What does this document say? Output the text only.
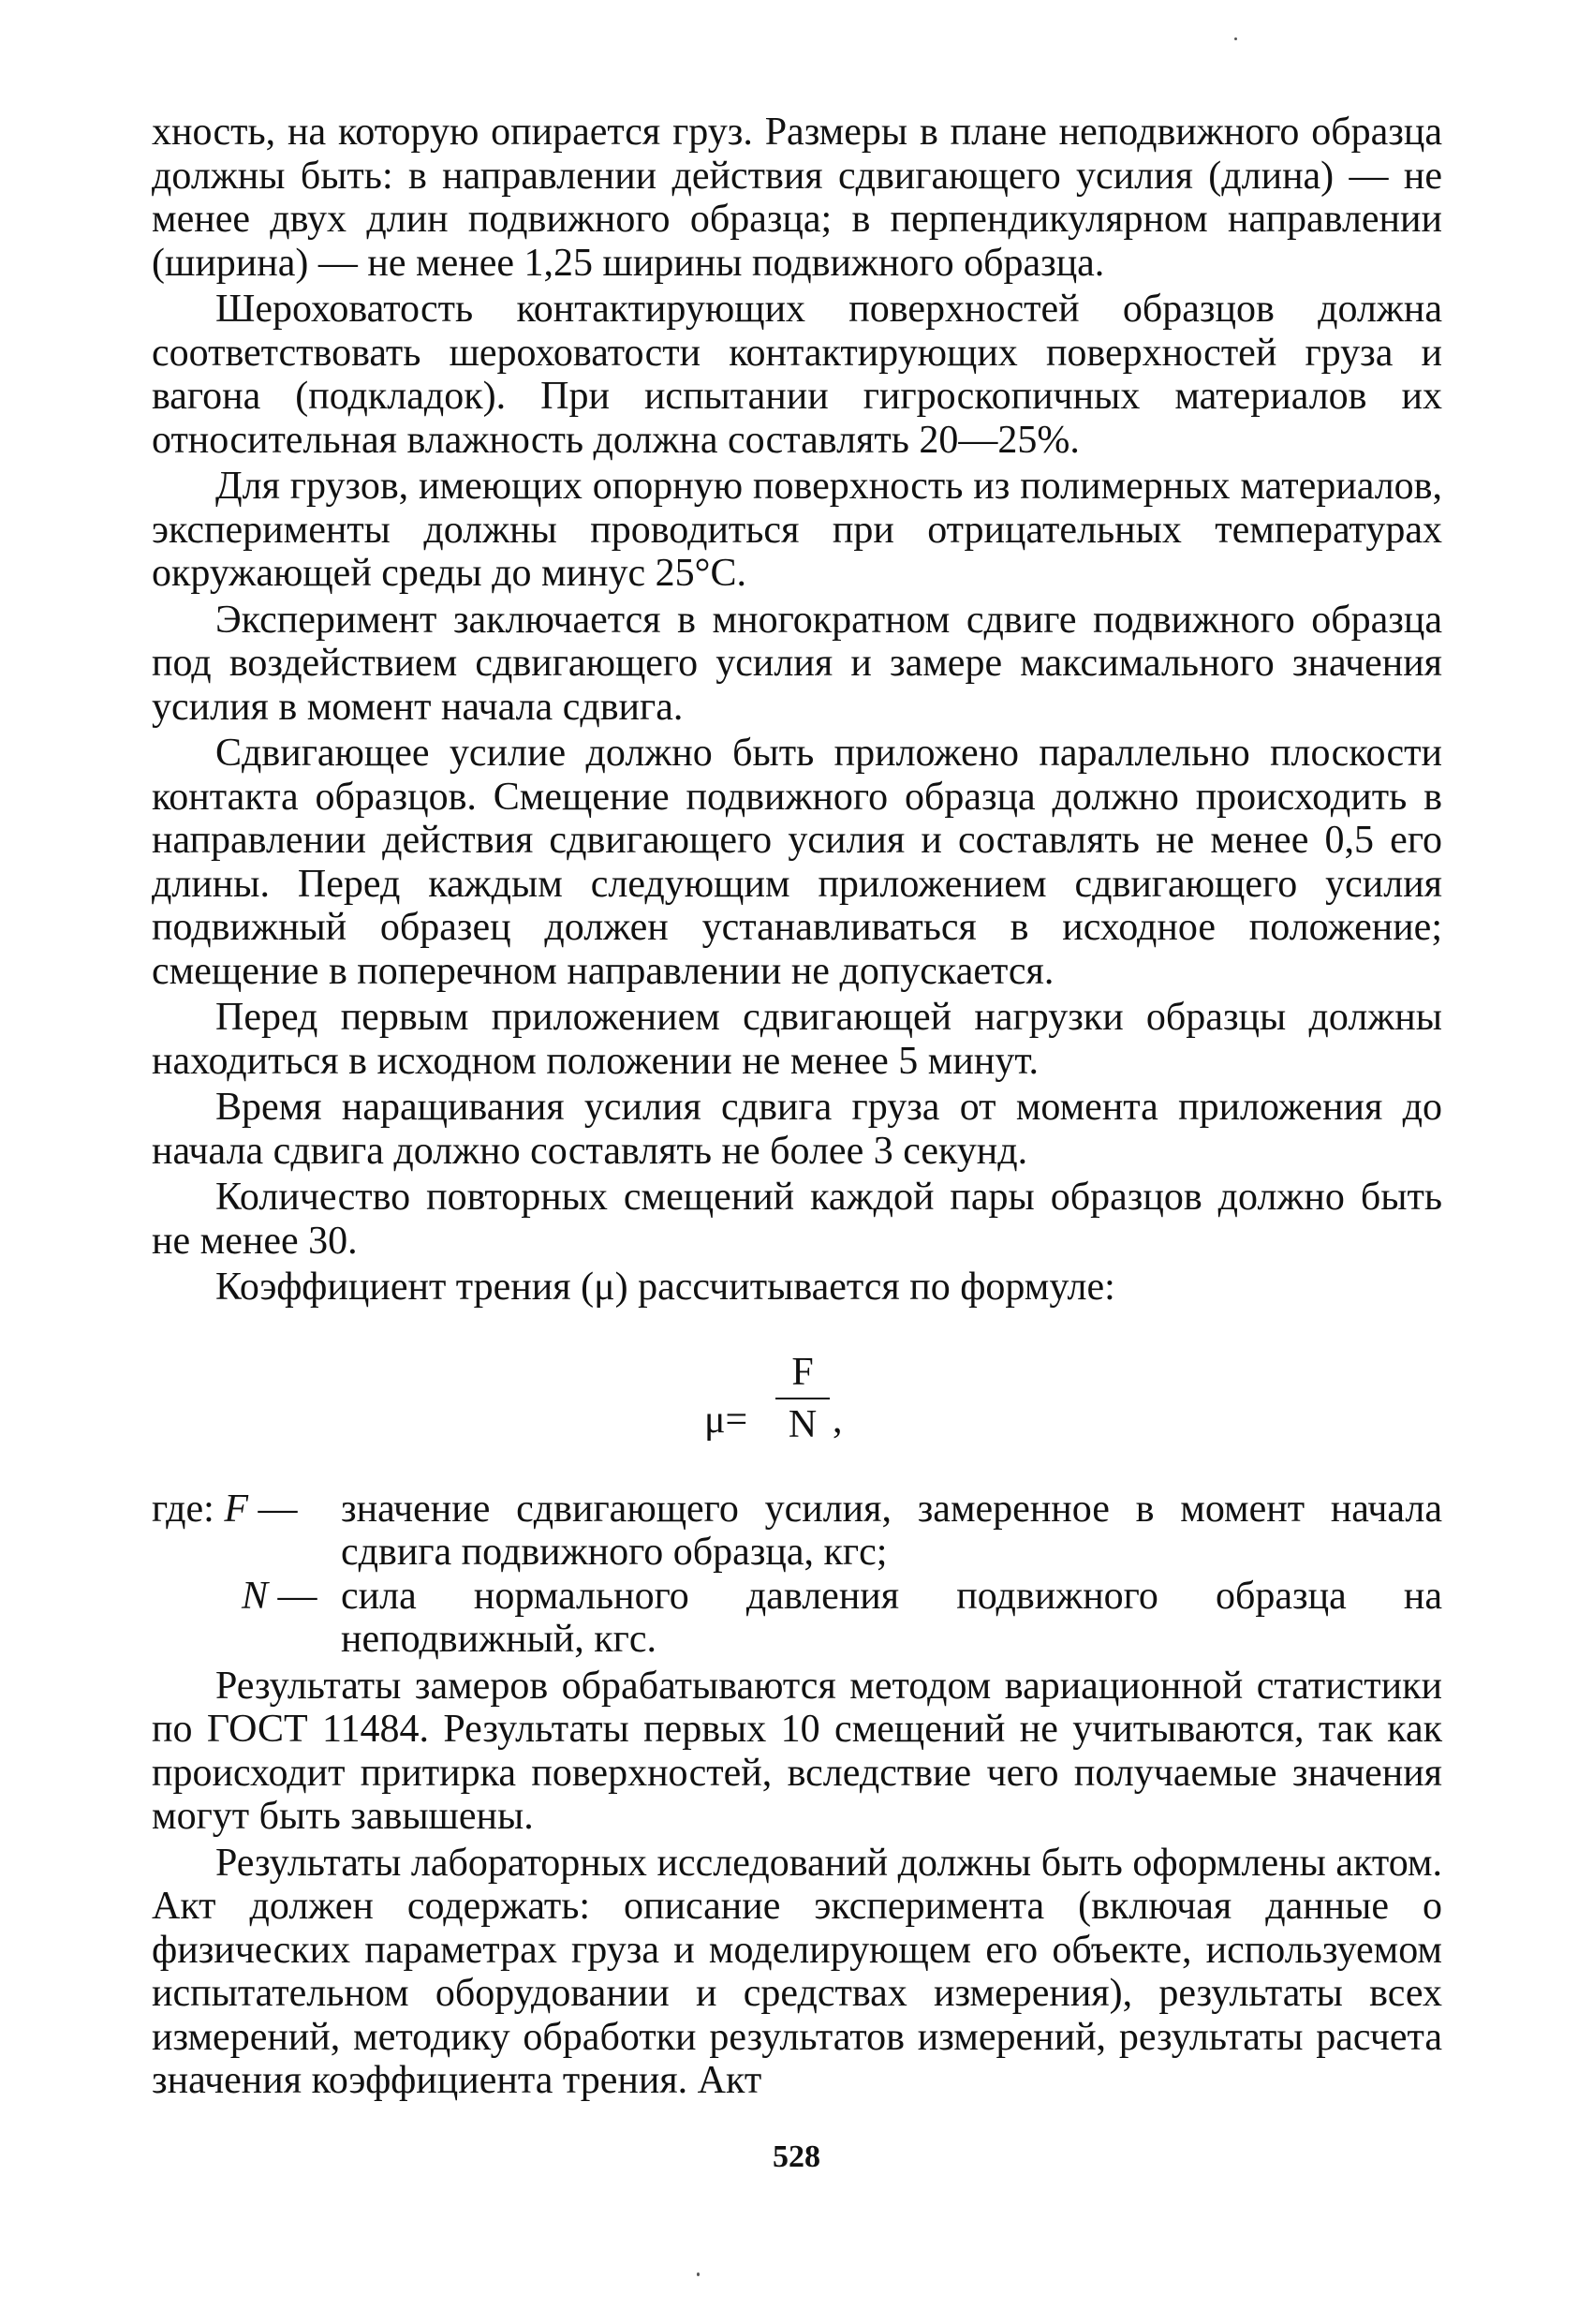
хность, на которую опирается груз. Размеры в плане неподвижного образца должны быть: в направлении действия сдвигающего усилия (длина) — не менее двух длин подвижного образца; в перпендикулярном направлении (ширина) — не менее 1,25 ширины подвижного образца.

Шероховатость контактирующих поверхностей образцов должна соответствовать шероховатости контактирующих поверхностей груза и вагона (подкладок). При испытании гигроскопичных материалов их относительная влажность должна составлять 20—25%.

Для грузов, имеющих опорную поверхность из полимерных материалов, эксперименты должны проводиться при отрицательных температурах окружающей среды до минус 25°С.

Эксперимент заключается в многократном сдвиге подвижного образца под воздействием сдвигающего усилия и замере максимального значения усилия в момент начала сдвига.

Сдвигающее усилие должно быть приложено параллельно плоскости контакта образцов. Смещение подвижного образца должно происходить в направлении действия сдвигающего усилия и составлять не менее 0,5 его длины. Перед каждым следующим приложением сдвигающего усилия подвижный образец должен устанавливаться в исходное положение; смещение в поперечном направлении не допускается.

Перед первым приложением сдвигающей нагрузки образцы должны находиться в исходном положении не менее 5 минут.

Время наращивания усилия сдвига груза от момента приложения до начала сдвига должно составлять не более 3 секунд.

Количество повторных смещений каждой пары образцов должно быть не менее 30.

Коэффициент трения (μ) рассчитывается по формуле:

μ=
F
N ,
где: F — значение сдвигающего усилия, замеренное в момент начала сдвига подвижного образца, кгс;
N — сила нормального давления подвижного образца на неподвижный, кгс.

Результаты замеров обрабатываются методом вариационной статистики по ГОСТ 11484. Результаты первых 10 смещений не учитываются, так как происходит притирка поверхностей, вследствие чего получаемые значения могут быть завышены.

Результаты лабораторных исследований должны быть оформлены актом. Акт должен содержать: описание эксперимента (включая данные о физических параметрах груза и моделирующем его объекте, используемом испытательном оборудовании и средствах измерения), результаты всех измерений, методику обработки результатов измерений, результаты расчета значения коэффициента трения. Акт

528
